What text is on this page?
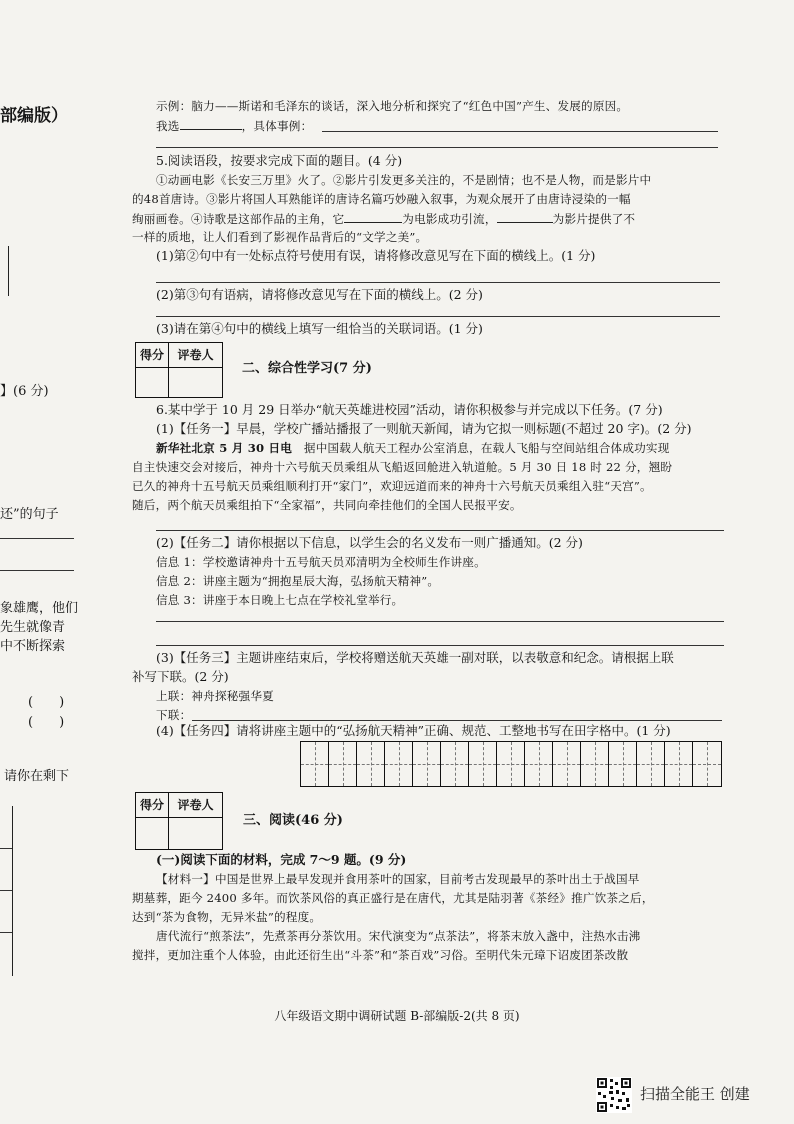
部编版）
】(6 分)
还”的句子
象雄鹰，他们
先生就像青
中不断探索
(　　)
(　　)
请你在剩下
示例：脑力——斯诺和毛泽东的谈话，深入地分析和探究了“红色中国”产生、发展的原因。
我选	，具体事例：
5.阅读语段，按要求完成下面的题目。(4 分)
①动画电影《长安三万里》火了。②影片引发更多关注的，不是剧情；也不是人物，而是影片中
的48首唐诗。③影片将国人耳熟能详的唐诗名篇巧妙融入叙事，为观众展开了由唐诗浸染的一幅
绚丽画卷。④诗歌是这部作品的主角，它	为电影成功引流，	为影片提供了不
一样的质地，让人们看到了影视作品背后的“文学之美”。
(1)第②句中有一处标点符号使用有误，请将修改意见写在下面的横线上。(1 分)
(2)第③句有语病，请将修改意见写在下面的横线上。(2 分)
(3)请在第④句中的横线上填写一组恰当的关联词语。(1 分)
得分	评卷人
二、综合性学习(7 分)
6.某中学于 10 月 29 日举办“航天英雄进校园”活动，请你积极参与并完成以下任务。(7 分)
(1)【任务一】早晨，学校广播站播报了一则航天新闻，请为它拟一则标题(不超过 20 字)。(2 分)
新华社北京 5 月 30 日电　 据中国载人航天工程办公室消息，在载人飞船与空间站组合体成功实现
自主快速交会对接后，神舟十六号航天员乘组从飞船返回舱进入轨道舱。5 月 30 日 18 时 22 分，翘盼
已久的神舟十五号航天员乘组顺利打开“家门”，欢迎远道而来的神舟十六号航天员乘组入驻“天宫”。
随后，两个航天员乘组拍下“全家福”，共同向牵挂他们的全国人民报平安。
(2)【任务二】请你根据以下信息，以学生会的名义发布一则广播通知。(2 分)
信息 1：学校邀请神舟十五号航天员邓清明为全校师生作讲座。
信息 2：讲座主题为“拥抱星辰大海，弘扬航天精神”。
信息 3：讲座于本日晚上七点在学校礼堂举行。
(3)【任务三】主题讲座结束后，学校将赠送航天英雄一副对联，以表敬意和纪念。请根据上联
补写下联。(2 分)
上联：神舟探秘强华夏
下联：
(4)【任务四】请将讲座主题中的“弘扬航天精神”正确、规范、工整地书写在田字格中。(1 分)
得分	评卷人
三、阅读(46 分)
(一)阅读下面的材料，完成 7～9 题。(9 分)
【材料一】中国是世界上最早发现并食用茶叶的国家，目前考古发现最早的茶叶出土于战国早
期墓葬，距今 2400 多年。而饮茶风俗的真正盛行是在唐代，尤其是陆羽著《茶经》推广饮茶之后，
达到“茶为食物，无异米盐”的程度。
唐代流行“煎茶法”，先煮茶再分茶饮用。宋代演变为“点茶法”，将茶末放入盏中，注热水击沸
搅拌，更加注重个人体验，由此还衍生出“斗茶”和“茶百戏”习俗。至明代朱元璋下诏废团茶改散
八年级语文期中调研试题 B-部编版-2(共 8 页)
扫描全能王 创建
